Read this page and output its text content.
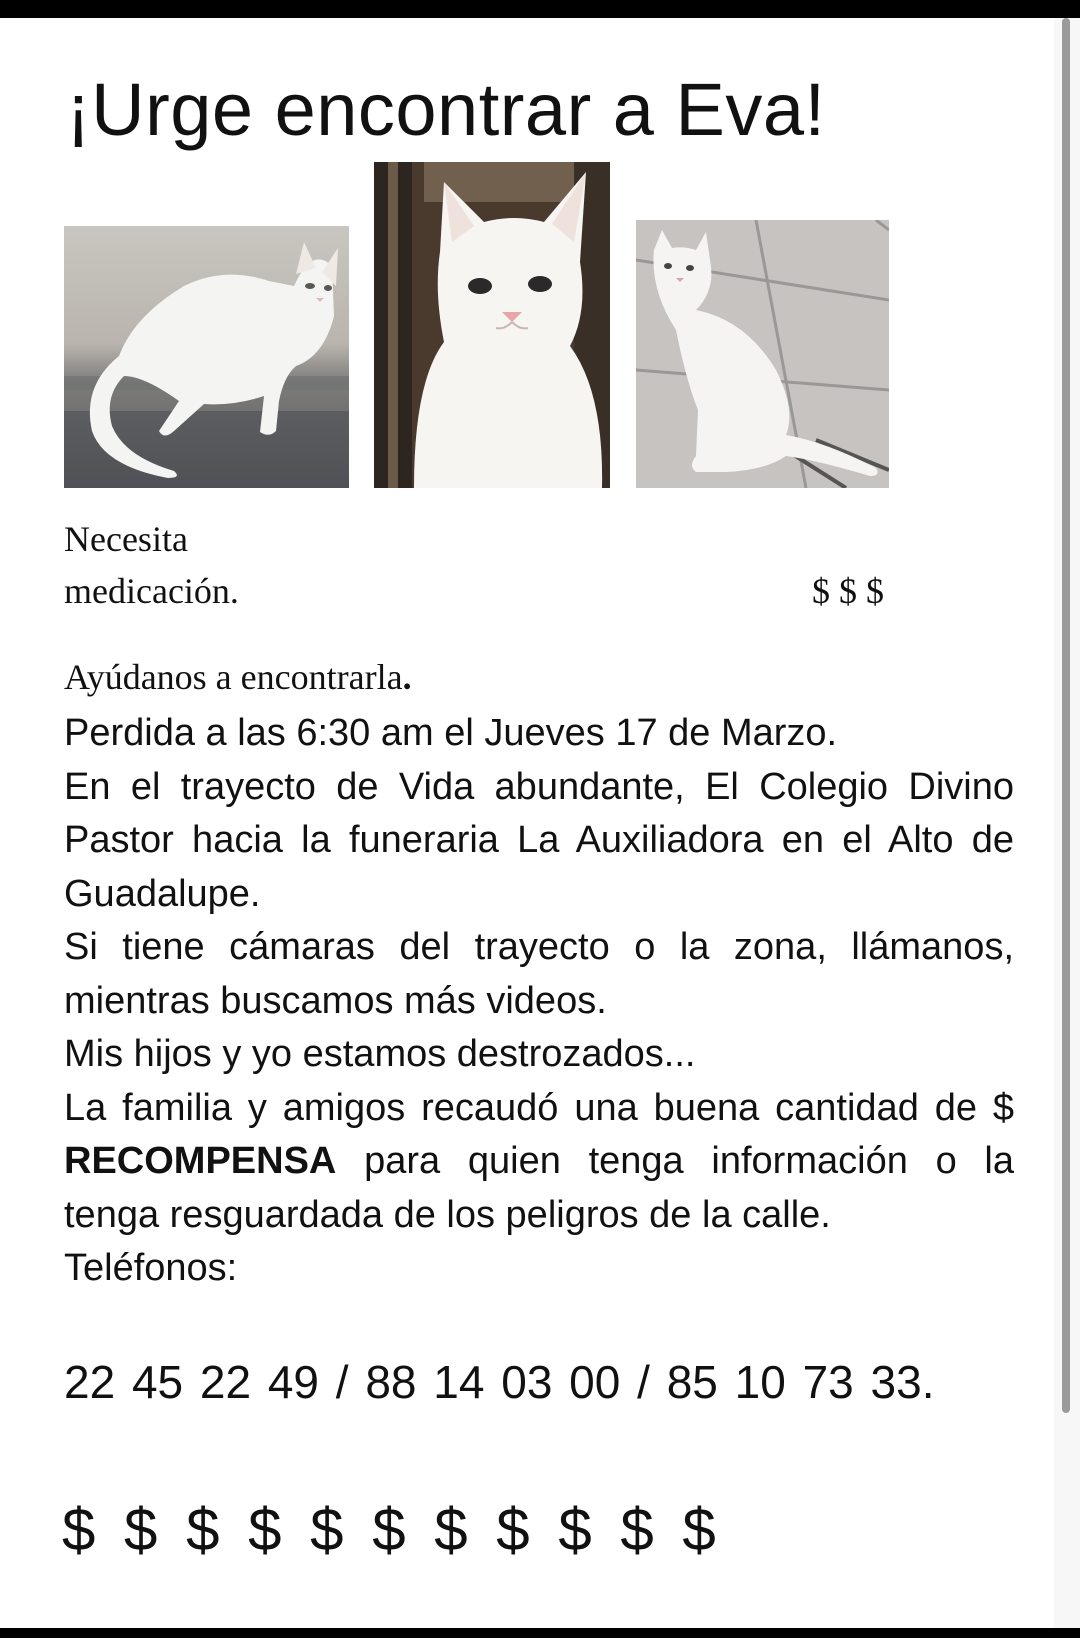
¡Urge encontrar a Eva!

Necesita medicación.	$ $ $

Ayúdanos a encontrarla.

Perdida a las 6:30 am el Jueves 17 de Marzo.

En el trayecto de Vida abundante, El Colegio Divino Pastor hacia la funeraria La Auxiliadora en el Alto de Guadalupe.

Si tiene cámaras del trayecto o la zona, llámanos, mientras buscamos más videos.

Mis hijos y yo estamos destrozados...

La familia y amigos recaudó una buena cantidad de $ RECOMPENSA para quien tenga información o la tenga resguardada de los peligros de la calle.

Teléfonos:

22 45 22 49 / 88 14 03 00 / 85 10 73 33.

$ $ $ $ $ $ $ $ $ $ $
